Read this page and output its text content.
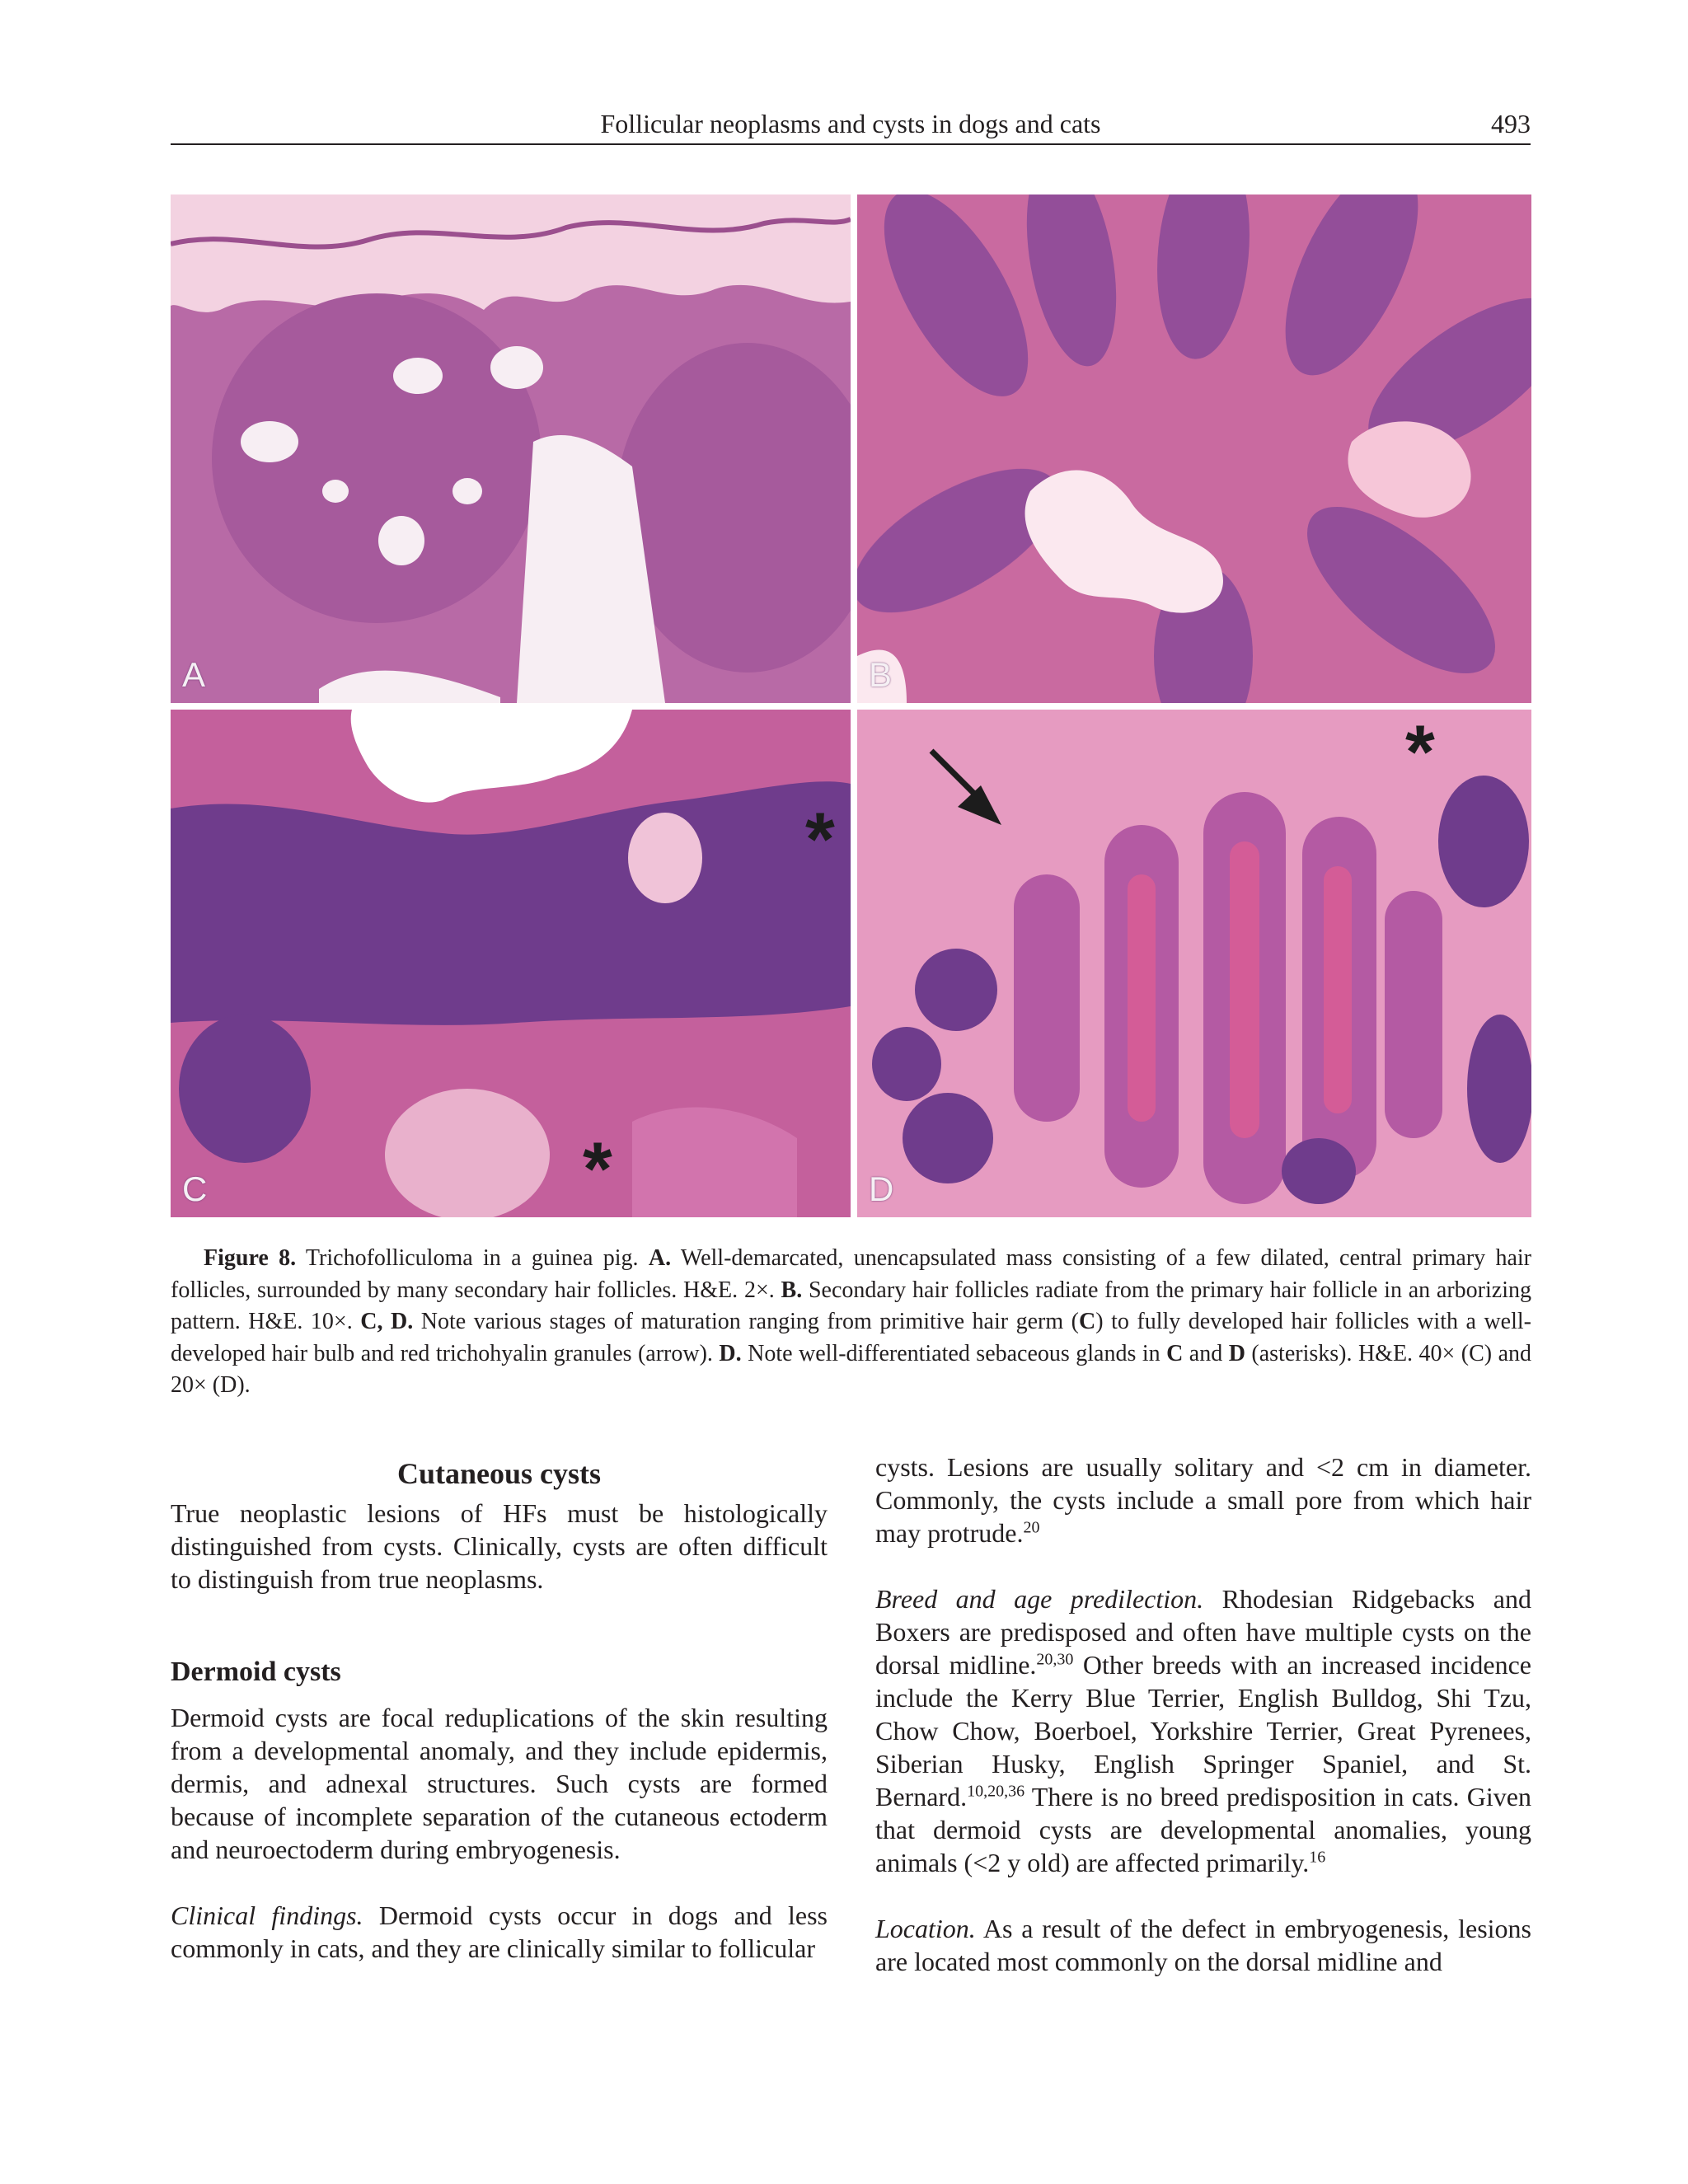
Follicular neoplasms and cysts in dogs and cats	493
A	B
*
*
C
*
D
Figure 8. Trichofolliculoma in a guinea pig. A. Well-demarcated, unencapsulated mass consisting of a few dilated, central primary hair follicles, surrounded by many secondary hair follicles. H&E. 2×. B. Secondary hair follicles radiate from the primary hair follicle in an arborizing pattern. H&E. 10×. C, D. Note various stages of maturation ranging from primitive hair germ (C) to fully developed hair follicles with a well-developed hair bulb and red trichohyalin granules (arrow). D. Note well-differentiated sebaceous glands in C and D (asterisks). H&E. 40× (C) and 20× (D).
Cutaneous cysts

True neoplastic lesions of HFs must be histologically distinguished from cysts. Clinically, cysts are often difficult to distinguish from true neoplasms.

Dermoid cysts

Dermoid cysts are focal reduplications of the skin resulting from a developmental anomaly, and they include epidermis, dermis, and adnexal structures. Such cysts are formed because of incomplete separation of the cutaneous ectoderm and neuroectoderm during embryogenesis.

Clinical findings. Dermoid cysts occur in dogs and less commonly in cats, and they are clinically similar to follicular

cysts. Lesions are usually solitary and <2 cm in diameter. Commonly, the cysts include a small pore from which hair may protrude.$^{20}$

Breed and age predilection. Rhodesian Ridgebacks and Boxers are predisposed and often have multiple cysts on the dorsal midline.$^{20,30}$ Other breeds with an increased incidence include the Kerry Blue Terrier, English Bulldog, Shi Tzu, Chow Chow, Boerboel, Yorkshire Terrier, Great Pyrenees, Siberian Husky, English Springer Spaniel, and St. Bernard.$^{10,20,36}$ There is no breed predisposition in cats. Given that dermoid cysts are developmental anomalies, young animals (<2 y old) are affected primarily.$^{16}$

Location. As a result of the defect in embryogenesis, lesions are located most commonly on the dorsal midline and
